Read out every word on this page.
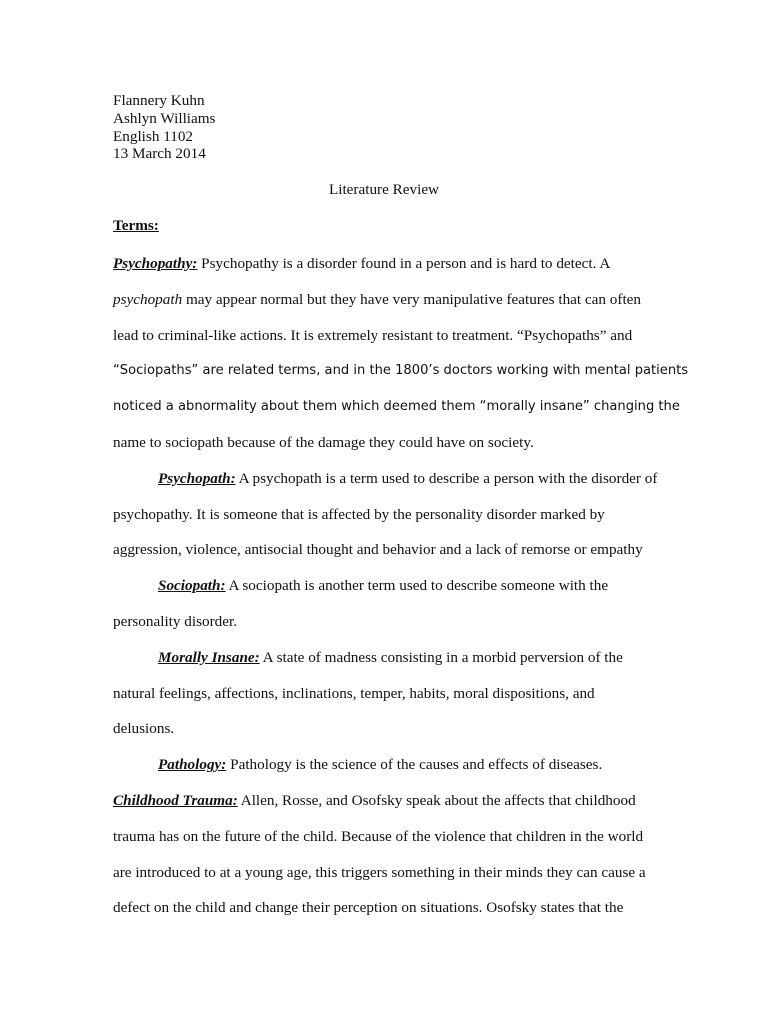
Flannery Kuhn
Ashlyn Williams
English 1102
13 March 2014
Literature Review
Terms:
Psychopathy: Psychopathy is a disorder found in a person and is hard to detect. A
psychopath may appear normal but they have very manipulative features that can often
lead to criminal-like actions. It is extremely resistant to treatment. “Psychopaths” and
“Sociopaths” are related terms, and in the 1800’s doctors working with mental patients
noticed a abnormality about them which deemed them “morally insane” changing the
name to sociopath because of the damage they could have on society.
Psychopath: A psychopath is a term used to describe a person with the disorder of
psychopathy. It is someone that is affected by the personality disorder marked by
aggression, violence, antisocial thought and behavior and a lack of remorse or empathy
Sociopath: A sociopath is another term used to describe someone with the
personality disorder.
Morally Insane: A state of madness consisting in a morbid perversion of the
natural feelings, affections, inclinations, temper, habits, moral dispositions, and
delusions.
Pathology: Pathology is the science of the causes and effects of diseases.
Childhood Trauma: Allen, Rosse, and Osofsky speak about the affects that childhood
trauma has on the future of the child. Because of the violence that children in the world
are introduced to at a young age, this triggers something in their minds they can cause a
defect on the child and change their perception on situations. Osofsky states that the
